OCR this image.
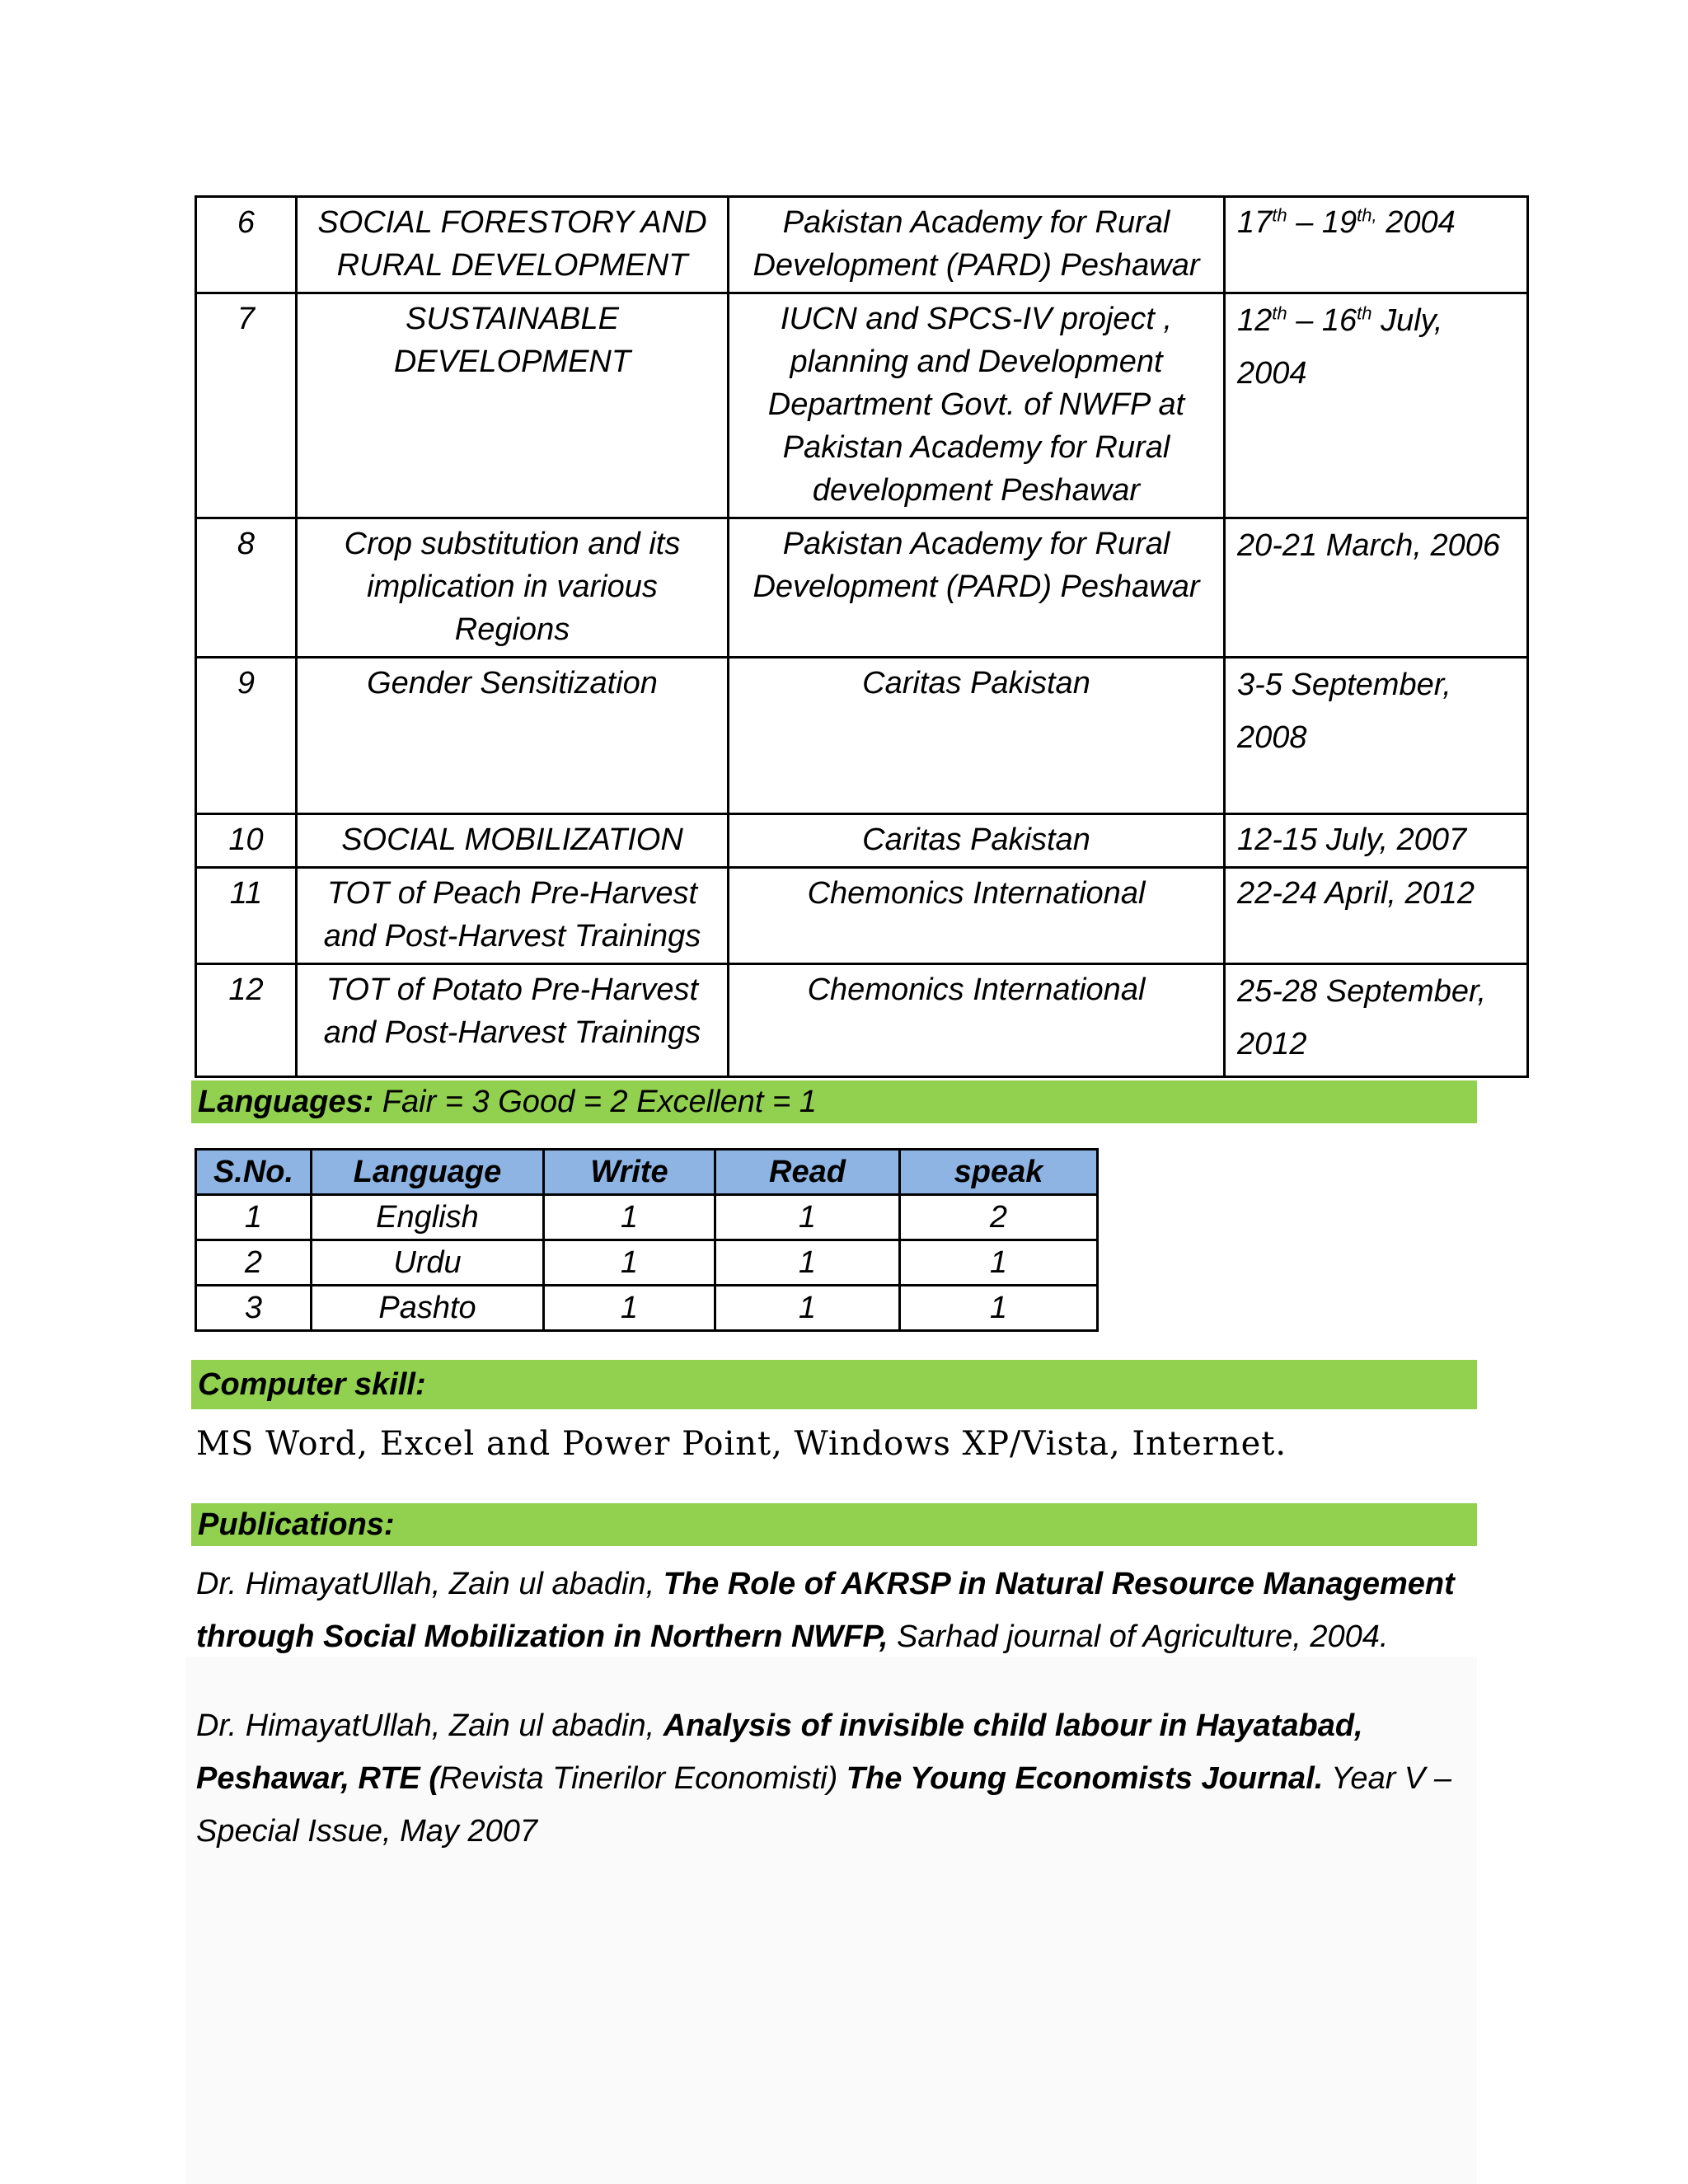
6	SOCIAL FORESTORY AND RURAL DEVELOPMENT	Pakistan Academy for Rural Development (PARD) Peshawar	$17th - 19^{th,}$ 2004
7	SUSTAINABLE DEVELOPMENT	IUCN and SPCS-IV project , planning and Development Department Govt. of NWFP at Pakistan Academy for Rural development Peshawar	12th – 16th July, 2004
8	Crop substitution and its implication in various Regions	Pakistan Academy for Rural Development (PARD) Peshawar	20-21 March, 2006
9	Gender Sensitization	Caritas Pakistan	3-5 September, 2008
10	SOCIAL MOBILIZATION	Caritas Pakistan	12-15 July, 2007
11	TOT of Peach Pre-Harvest and Post-Harvest Trainings	Chemonics International	22-24 April, 2012
12	TOT of Potato Pre-Harvest and Post-Harvest Trainings	Chemonics International	25-28 September, 2012
Languages: Fair = 3 Good = 2 Excellent = 1
S.No.	Language	Write	Read	speak
1	English	1	1	2
2	Urdu	1	1	1
3	Pashto	1	1	1
Computer skill:
MS Word, Excel and Power Point, Windows XP/Vista, Internet.
Publications:
Dr. HimayatUllah, Zain ul abadin, The Role of AKRSP in Natural Resource Management through Social Mobilization in Northern NWFP, Sarhad journal of Agriculture, 2004.
Dr. HimayatUllah, Zain ul abadin, Analysis of invisible child labour in Hayatabad, Peshawar, RTE (Revista Tinerilor Economisti) The Young Economists Journal. Year V – Special Issue, May 2007
